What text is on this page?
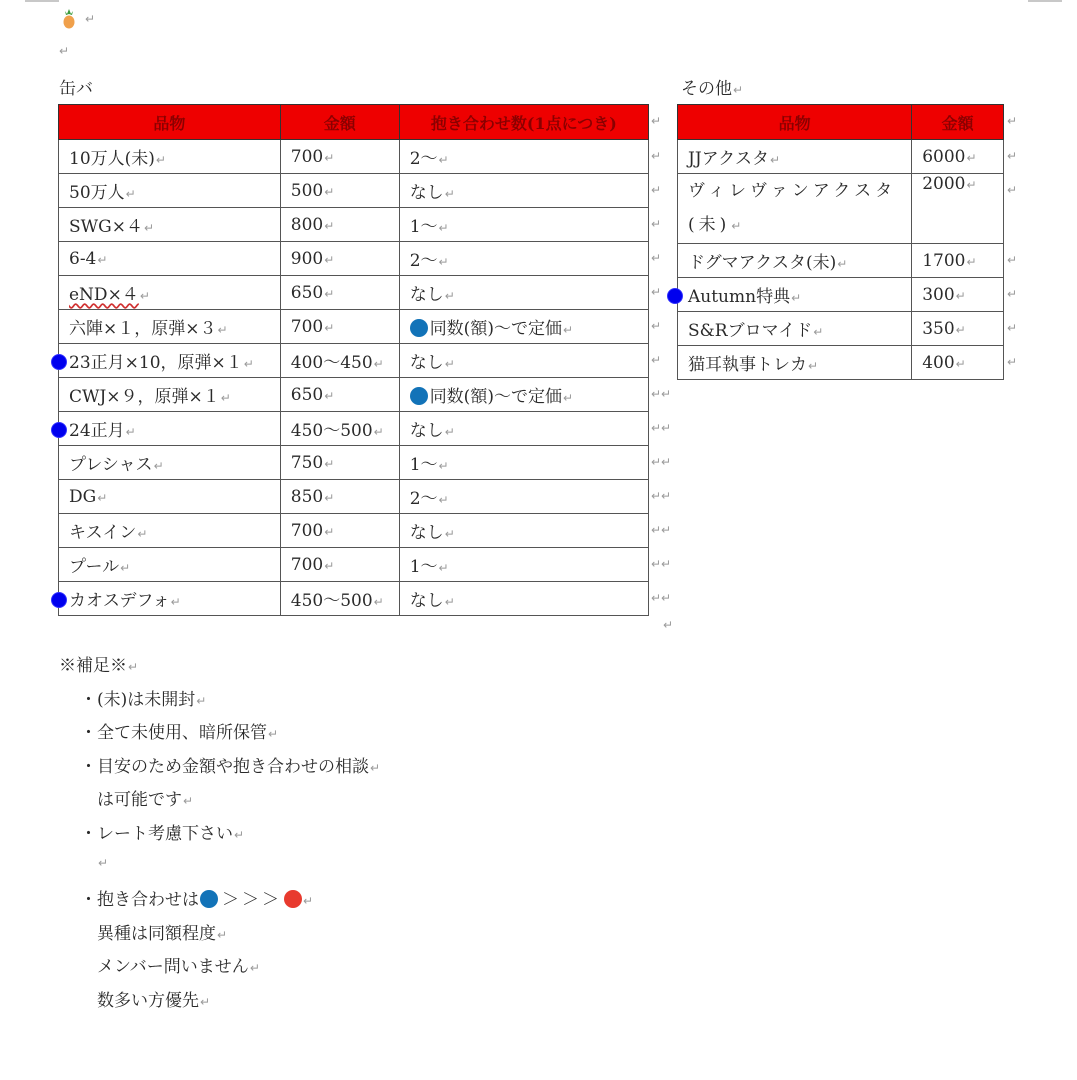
↵
↵
缶バ	その他↵
品物	金額	抱き合わせ数(1点につき)
10万人(未)↵	700↵	2〜↵
50万人↵	500↵	なし↵
SWG×４↵	800↵	1〜↵
6-4↵	900↵	2〜↵
eND×４↵	650↵	なし↵
六陣×１，原弾×３↵	700↵	同数(額)〜で定価↵
23正月×10，原弾×１↵	400〜450↵	なし↵
CWJ×９，原弾×１↵	650↵	同数(額)〜で定価↵
24正月↵	450〜500↵	なし↵
プレシャス↵	750↵	1〜↵
DG↵	850↵	2〜↵
キスイン↵	700↵	なし↵
プール↵	700↵	1〜↵
カオスデフォ↵	450〜500↵	なし↵
品物	金額
JJアクスタ↵	6000↵
ヴィレヴァンアクスタ(未)↵	2000↵
ドグマアクスタ(未)↵	1700↵
Autumn特典↵	300↵
S&Rブロマイド↵	350↵
猫耳執事トレカ↵	400↵
※補足※↵
・(未)は未開封↵
・全て未使用、暗所保管↵
・目安のため金額や抱き合わせの相談↵
は可能です↵
・レート考慮下さい↵
↵
・抱き合わせは ＞＞＞ ↵
異種は同額程度↵
メンバー問いません↵
数多い方優先↵
↵
↵
↵
↵
↵
↵
↵
↵
↵↵
↵↵
↵↵
↵↵
↵↵
↵↵
↵↵
↵
↵
↵
↵
↵
↵
↵
↵
